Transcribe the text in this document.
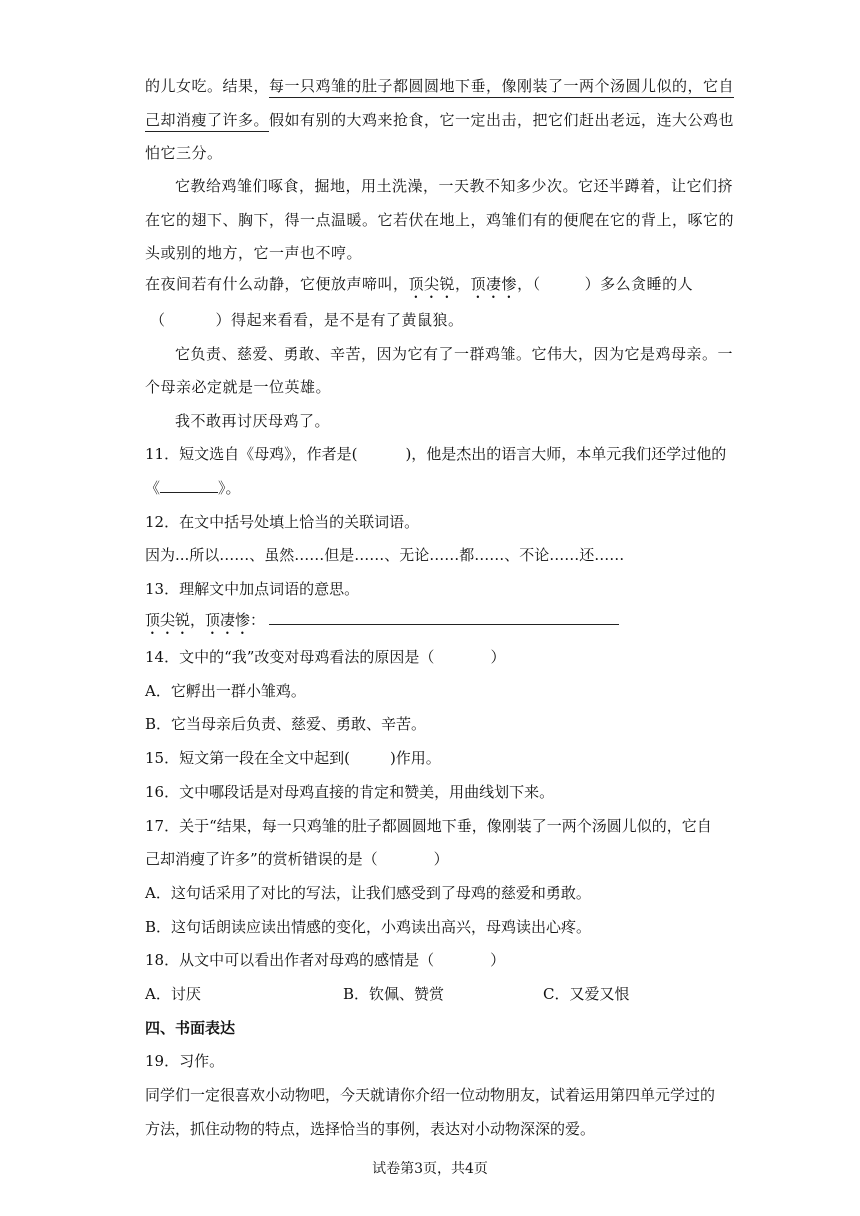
的儿女吃。结果，每一只鸡雏的肚子都圆圆地下垂，像刚装了一两个汤圆儿似的，它自
己却消瘦了许多。假如有别的大鸡来抢食，它一定出击，把它们赶出老远，连大公鸡也
怕它三分。
它教给鸡雏们啄食，掘地，用土洗澡，一天教不知多少次。它还半蹲着，让它们挤
在它的翅下、胸下，得一点温暖。它若伏在地上，鸡雏们有的便爬在它的背上，啄它的
头或别的地方，它一声也不哼。
在夜间若有什么动静，它便放声啼叫，顶尖锐，顶凄惨，（	）多么贪睡的人
（	）得起来看看，是不是有了黄鼠狼。
它负责、慈爱、勇敢、辛苦，因为它有了一群鸡雏。它伟大，因为它是鸡母亲。一
个母亲必定就是一位英雄。
我不敢再讨厌母鸡了。
11．短文选自《母鸡》，作者是(	)，他是杰出的语言大师，本单元我们还学过他的
《	》。
12．在文中括号处填上恰当的关联词语。
因为...所以……、虽然……但是……、无论……都……、不论……还……
13．理解文中加点词语的意思。
顶尖锐，顶凄惨：
14．文中的“我”改变对母鸡看法的原因是（	）
A．它孵出一群小雏鸡。
B．它当母亲后负责、慈爱、勇敢、辛苦。
15．短文第一段在全文中起到(	)作用。
16．文中哪段话是对母鸡直接的肯定和赞美，用曲线划下来。
17．关于“结果，每一只鸡雏的肚子都圆圆地下垂，像刚装了一两个汤圆儿似的，它自
己却消瘦了许多”的赏析错误的是（	）
A．这句话采用了对比的写法，让我们感受到了母鸡的慈爱和勇敢。
B．这句话朗读应读出情感的变化，小鸡读出高兴，母鸡读出心疼。
18．从文中可以看出作者对母鸡的感情是（	）
A．讨厌	B．钦佩、赞赏	C．又爱又恨
四、书面表达
19．习作。
同学们一定很喜欢小动物吧，今天就请你介绍一位动物朋友，试着运用第四单元学过的
方法，抓住动物的特点，选择恰当的事例，表达对小动物深深的爱。
试卷第3页，共4页
